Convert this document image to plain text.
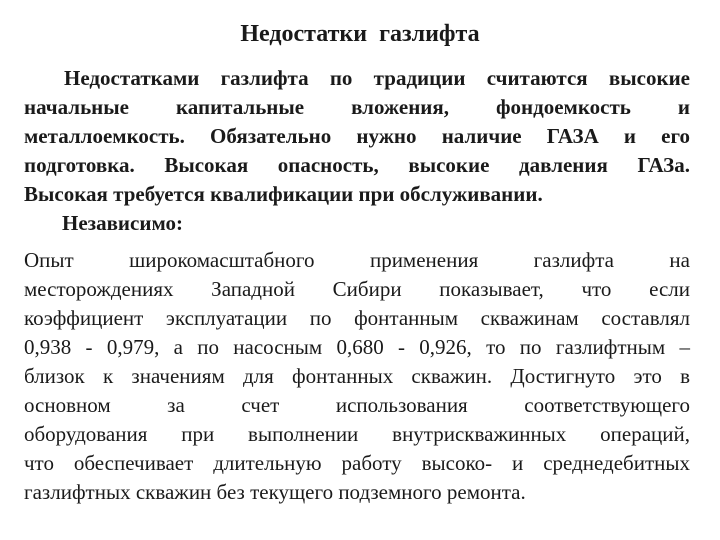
Недостатки  газлифта
Недостатками газлифта по традиции считаются высокие
начальные капитальные вложения, фондоемкость и
металлоемкость. Обязательно нужно наличие ГАЗА и его
подготовка. Высокая опасность, высокие давления ГАЗа.
Высокая требуется квалификации при обслуживании.
Независимо:
Опыт широкомасштабного применения газлифта на
месторождениях Западной Сибири показывает, что если
коэффициент эксплуатации по фонтанным скважинам составлял
0,938 - 0,979, а по насосным 0,680 - 0,926, то по газлифтным –
близок к значениям для фонтанных скважин. Достигнуто это в
основном за счет использования соответствующего
оборудования при выполнении внутрискважинных операций,
что обеспечивает длительную работу высоко- и среднедебитных
газлифтных скважин без текущего подземного ремонта.
